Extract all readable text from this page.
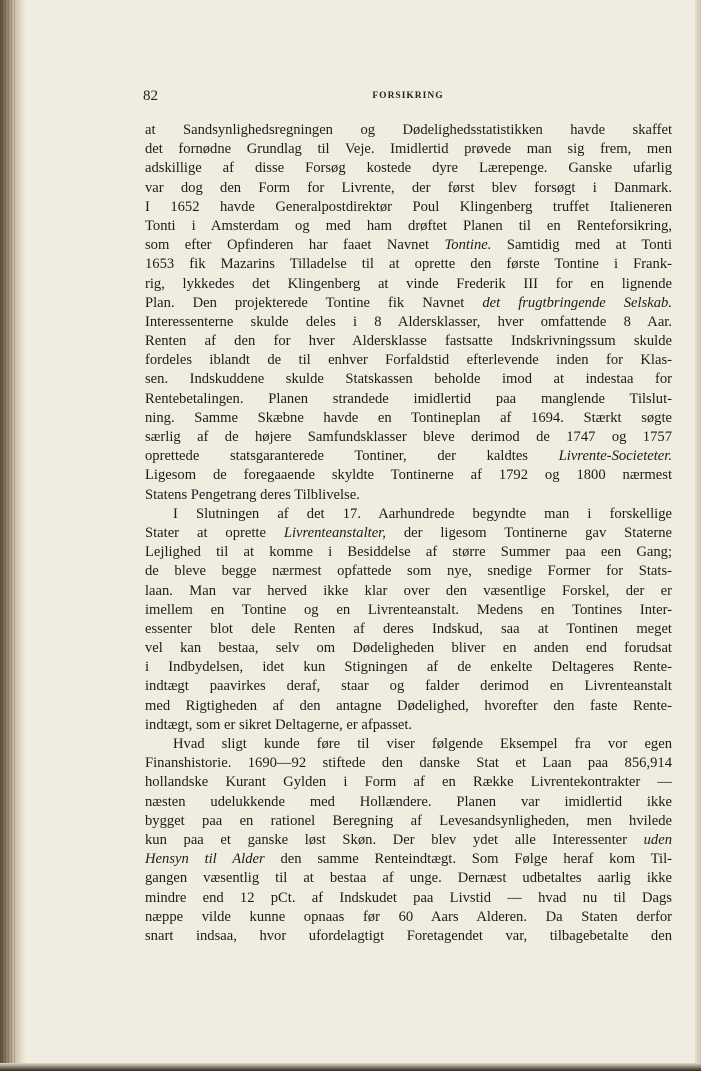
82	FORSIKRING
at Sandsynlighedsregningen og Dødelighedsstatistikken havde skaffet
det fornødne Grundlag til Veje. Imidlertid prøvede man sig frem, men
adskillige af disse Forsøg kostede dyre Lærepenge. Ganske ufarlig
var dog den Form for Livrente, der først blev forsøgt i Danmark.
I 1652 havde Generalpostdirektør Poul Klingenberg truffet Italieneren
Tonti i Amsterdam og med ham drøftet Planen til en Renteforsikring,
som efter Opfinderen har faaet Navnet Tontine. Samtidig med at Tonti
1653 fik Mazarins Tilladelse til at oprette den første Tontine i Frank-
rig, lykkedes det Klingenberg at vinde Frederik III for en lignende
Plan. Den projekterede Tontine fik Navnet det frugtbringende Selskab.
Interessenterne skulde deles i 8 Aldersklasser, hver omfattende 8 Aar.
Renten af den for hver Aldersklasse fastsatte Indskrivningssum skulde
fordeles iblandt de til enhver Forfaldstid efterlevende inden for Klas-
sen. Indskuddene skulde Statskassen beholde imod at indestaa for
Rentebetalingen. Planen strandede imidlertid paa manglende Tilslut-
ning. Samme Skæbne havde en Tontineplan af 1694. Stærkt søgte
særlig af de højere Samfundsklasser bleve derimod de 1747 og 1757
oprettede statsgaranterede Tontiner, der kaldtes Livrente-Societeter.
Ligesom de foregaaende skyldte Tontinerne af 1792 og 1800 nærmest
Statens Pengetrang deres Tilblivelse.
I Slutningen af det 17. Aarhundrede begyndte man i forskellige
Stater at oprette Livrenteanstalter, der ligesom Tontinerne gav Staterne
Lejlighed til at komme i Besiddelse af større Summer paa een Gang;
de bleve begge nærmest opfattede som nye, snedige Former for Stats-
laan. Man var herved ikke klar over den væsentlige Forskel, der er
imellem en Tontine og en Livrenteanstalt. Medens en Tontines Inter-
essenter blot dele Renten af deres Indskud, saa at Tontinen meget
vel kan bestaa, selv om Dødeligheden bliver en anden end forudsat
i Indbydelsen, idet kun Stigningen af de enkelte Deltageres Rente-
indtægt paavirkes deraf, staar og falder derimod en Livrenteanstalt
med Rigtigheden af den antagne Dødelighed, hvorefter den faste Rente-
indtægt, som er sikret Deltagerne, er afpasset.
Hvad sligt kunde føre til viser følgende Eksempel fra vor egen
Finanshistorie. 1690—92 stiftede den danske Stat et Laan paa 856,914
hollandske Kurant Gylden i Form af en Række Livrentekontrakter —
næsten udelukkende med Hollændere. Planen var imidlertid ikke
bygget paa en rationel Beregning af Levesandsynligheden, men hvilede
kun paa et ganske løst Skøn. Der blev ydet alle Interessenter uden
Hensyn til Alder den samme Renteindtægt. Som Følge heraf kom Til-
gangen væsentlig til at bestaa af unge. Dernæst udbetaltes aarlig ikke
mindre end 12 pCt. af Indskudet paa Livstid — hvad nu til Dags
næppe vilde kunne opnaas før 60 Aars Alderen. Da Staten derfor
snart indsaa, hvor ufordelagtigt Foretagendet var, tilbagebetalte den
